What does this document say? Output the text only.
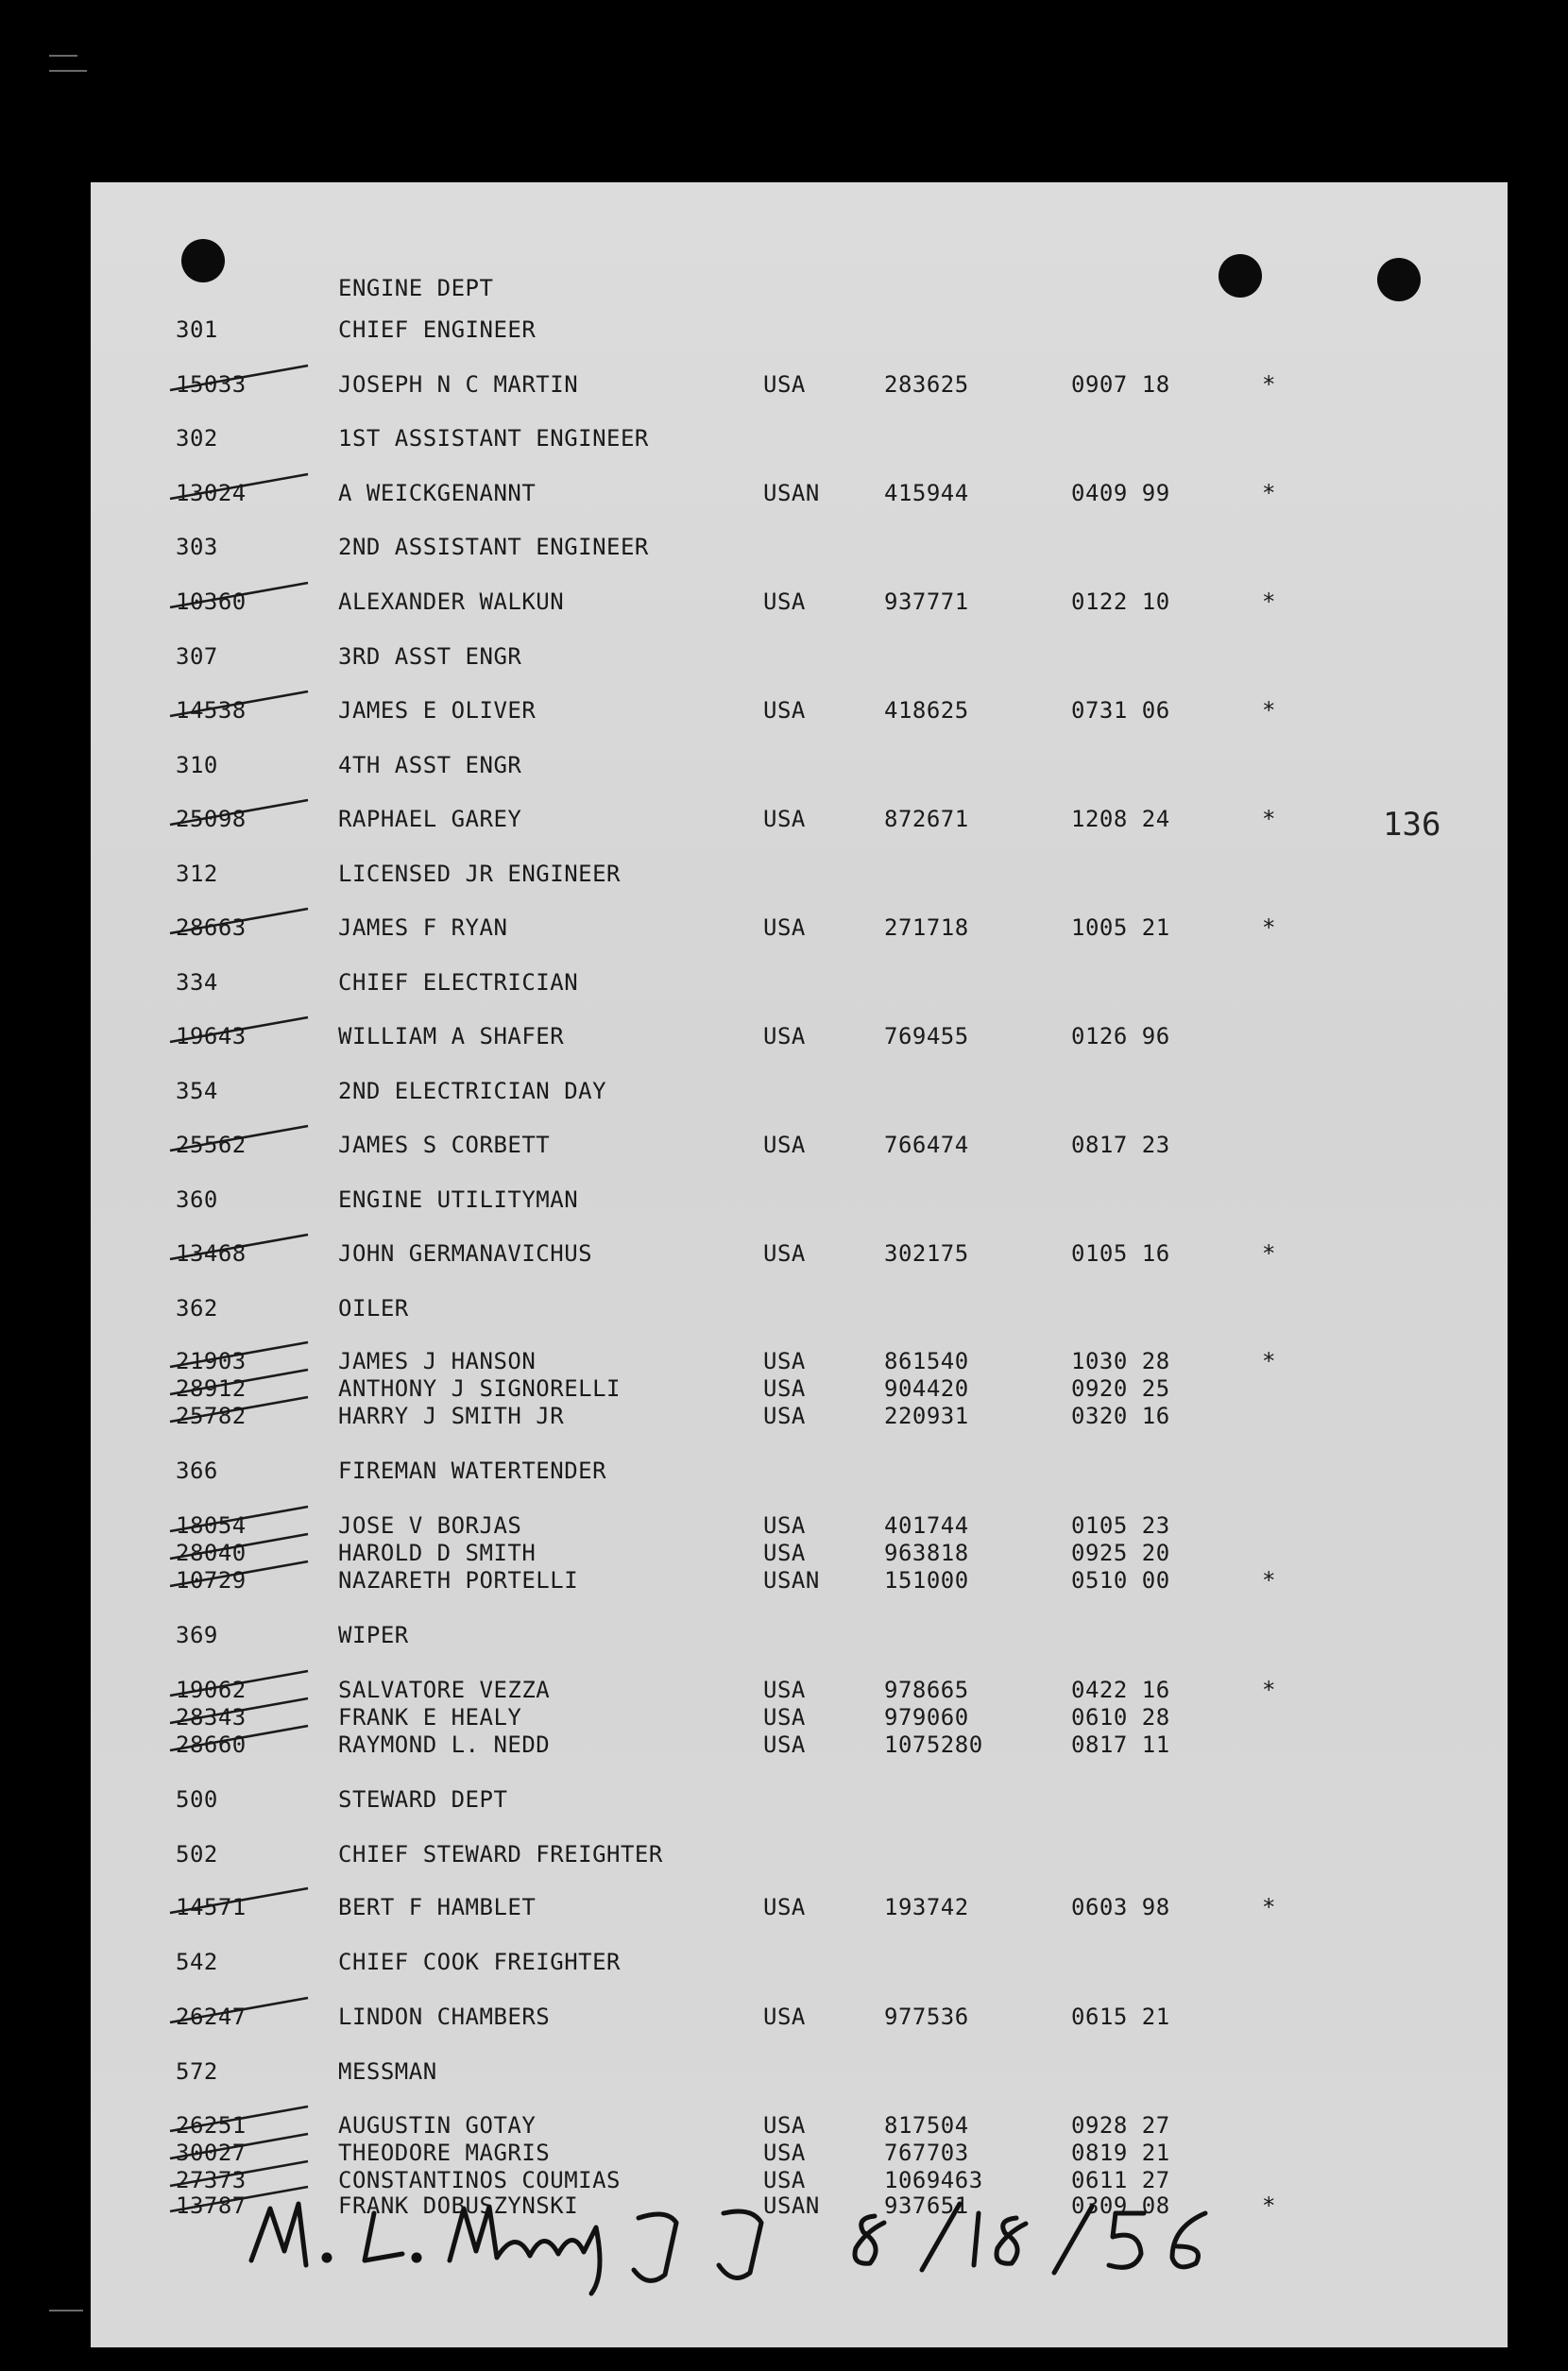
ENGINE DEPT
301	CHIEF ENGINEER
15033	JOSEPH N C MARTIN	USA	283625	0907 18	*
302	1ST ASSISTANT ENGINEER
13024	A WEICKGENANNT	USAN	415944	0409 99	*
303	2ND ASSISTANT ENGINEER
10360	ALEXANDER WALKUN	USA	937771	0122 10	*
307	3RD ASST ENGR
14538	JAMES E OLIVER	USA	418625	0731 06	*
310	4TH ASST ENGR
25098	RAPHAEL GAREY	USA	872671	1208 24	*
312	LICENSED JR ENGINEER
28663	JAMES F RYAN	USA	271718	1005 21	*
334	CHIEF ELECTRICIAN
19643	WILLIAM A SHAFER	USA	769455	0126 96
354	2ND ELECTRICIAN DAY
25562	JAMES S CORBETT	USA	766474	0817 23
360	ENGINE UTILITYMAN
13468	JOHN GERMANAVICHUS	USA	302175	0105 16	*
362	OILER
21903	JAMES J HANSON	USA	861540	1030 28	*
28912	ANTHONY J SIGNORELLI	USA	904420	0920 25
25782	HARRY J SMITH JR	USA	220931	0320 16
366	FIREMAN WATERTENDER
18054	JOSE V BORJAS	USA	401744	0105 23
28040	HAROLD D SMITH	USA	963818	0925 20
10729	NAZARETH PORTELLI	USAN	151000	0510 00	*
369	WIPER
19062	SALVATORE VEZZA	USA	978665	0422 16	*
28343	FRANK E HEALY	USA	979060	0610 28
28660	RAYMOND L. NEDD	USA	1075280	0817 11
500	STEWARD DEPT
502	CHIEF STEWARD FREIGHTER
14571	BERT F HAMBLET	USA	193742	0603 98	*
542	CHIEF COOK FREIGHTER
26247	LINDON CHAMBERS	USA	977536	0615 21
572	MESSMAN
26251	AUGUSTIN GOTAY	USA	817504	0928 27
30027	THEODORE MAGRIS	USA	767703	0819 21
27373	CONSTANTINOS COUMIAS	USA	1069463	0611 27
13787	FRANK DOBUSZYNSKI	USAN	937651	0309 08	*
136
